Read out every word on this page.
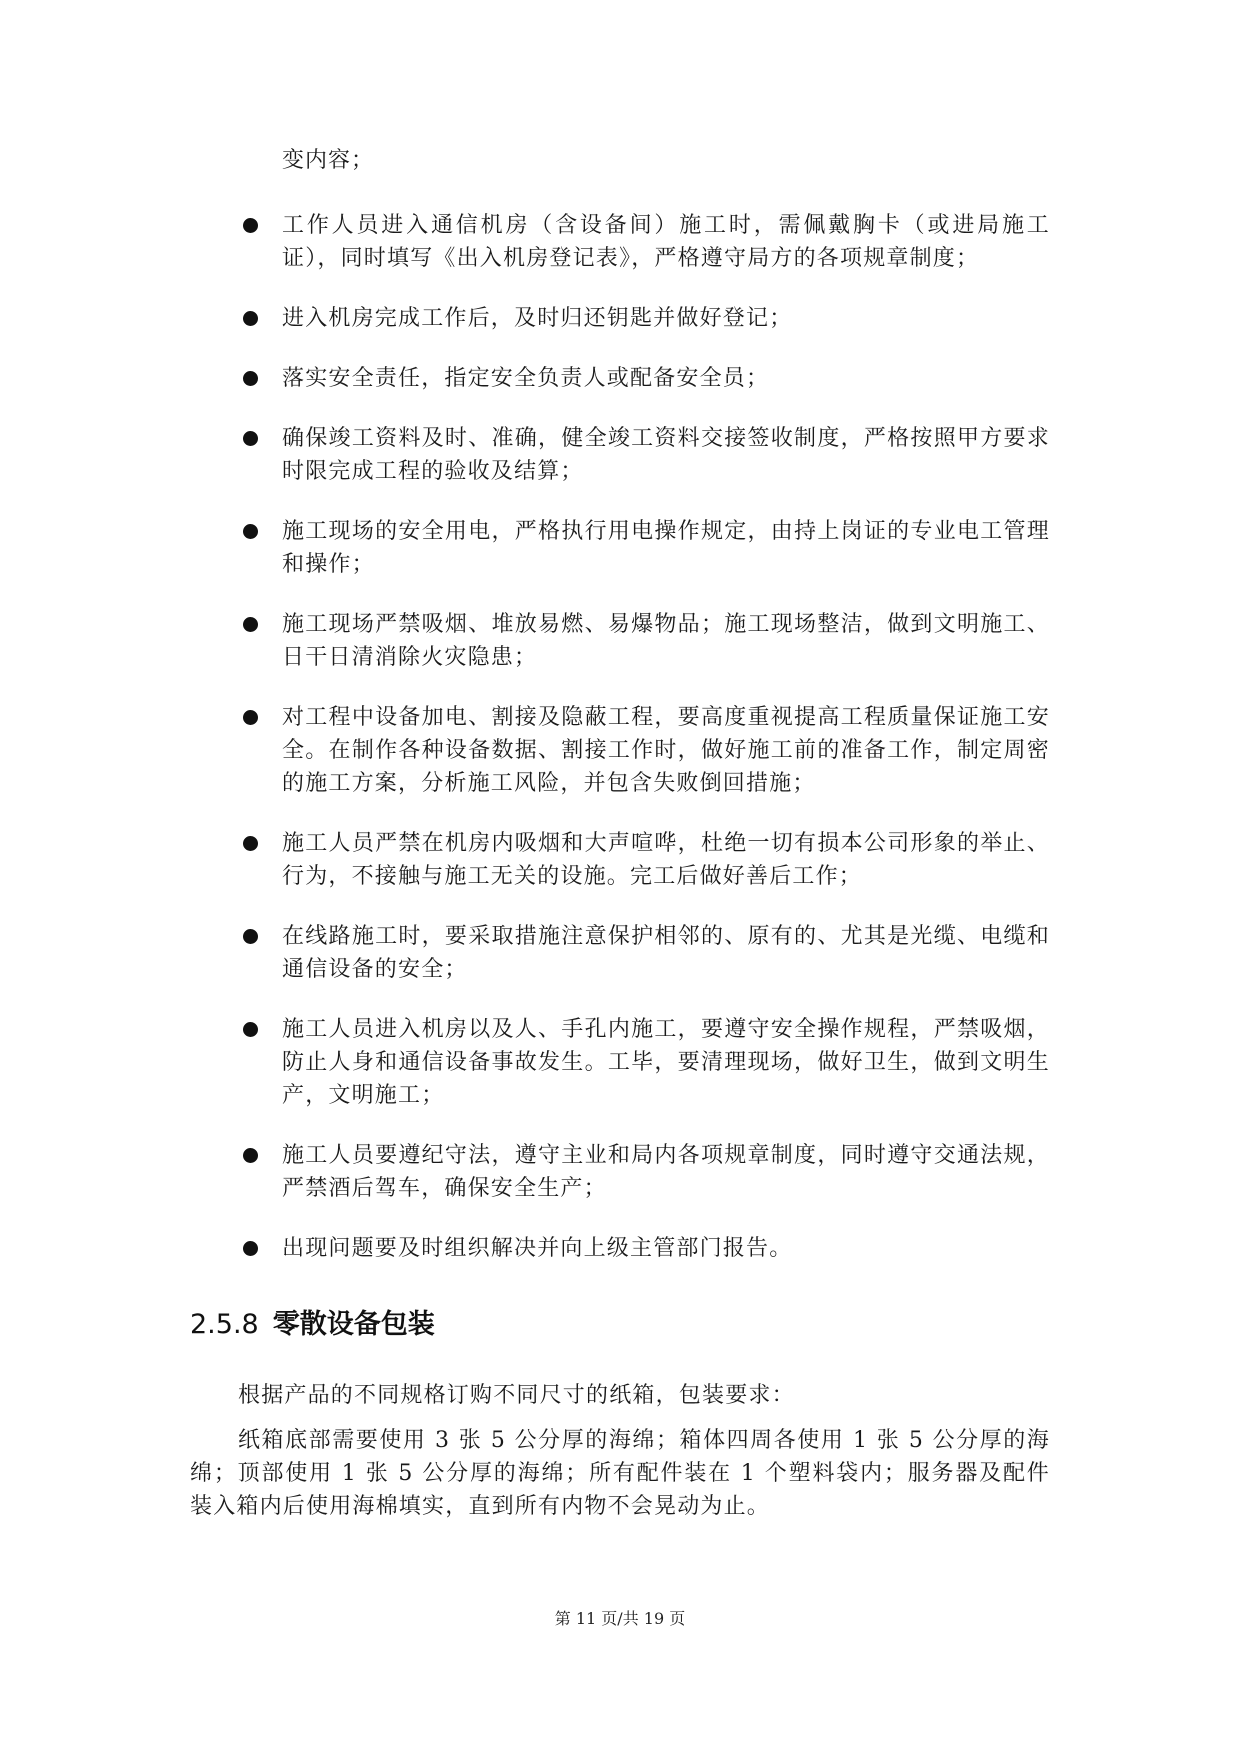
变内容；
工作人员进入通信机房（含设备间）施工时，需佩戴胸卡（或进局施工证），同时填写《出入机房登记表》，严格遵守局方的各项规章制度；
进入机房完成工作后，及时归还钥匙并做好登记；
落实安全责任，指定安全负责人或配备安全员；
确保竣工资料及时、准确，健全竣工资料交接签收制度，严格按照甲方要求时限完成工程的验收及结算；
施工现场的安全用电，严格执行用电操作规定，由持上岗证的专业电工管理和操作；
施工现场严禁吸烟、堆放易燃、易爆物品；施工现场整洁，做到文明施工、日干日清消除火灾隐患；
对工程中设备加电、割接及隐蔽工程，要高度重视提高工程质量保证施工安全。在制作各种设备数据、割接工作时，做好施工前的准备工作，制定周密的施工方案，分析施工风险，并包含失败倒回措施；
施工人员严禁在机房内吸烟和大声喧哗，杜绝一切有损本公司形象的举止、行为，不接触与施工无关的设施。完工后做好善后工作；
在线路施工时，要采取措施注意保护相邻的、原有的、尤其是光缆、电缆和通信设备的安全；
施工人员进入机房以及人、手孔内施工，要遵守安全操作规程，严禁吸烟，防止人身和通信设备事故发生。工毕，要清理现场，做好卫生，做到文明生产，文明施工；
施工人员要遵纪守法，遵守主业和局内各项规章制度，同时遵守交通法规，严禁酒后驾车，确保安全生产；
出现问题要及时组织解决并向上级主管部门报告。
2.5.8 零散设备包装

根据产品的不同规格订购不同尺寸的纸箱，包装要求：

纸箱底部需要使用 3 张 5 公分厚的海绵；箱体四周各使用 1 张 5 公分厚的海绵；顶部使用 1 张 5 公分厚的海绵；所有配件装在 1 个塑料袋内；服务器及配件装入箱内后使用海棉填实，直到所有内物不会晃动为止。

第 11 页/共 19 页
